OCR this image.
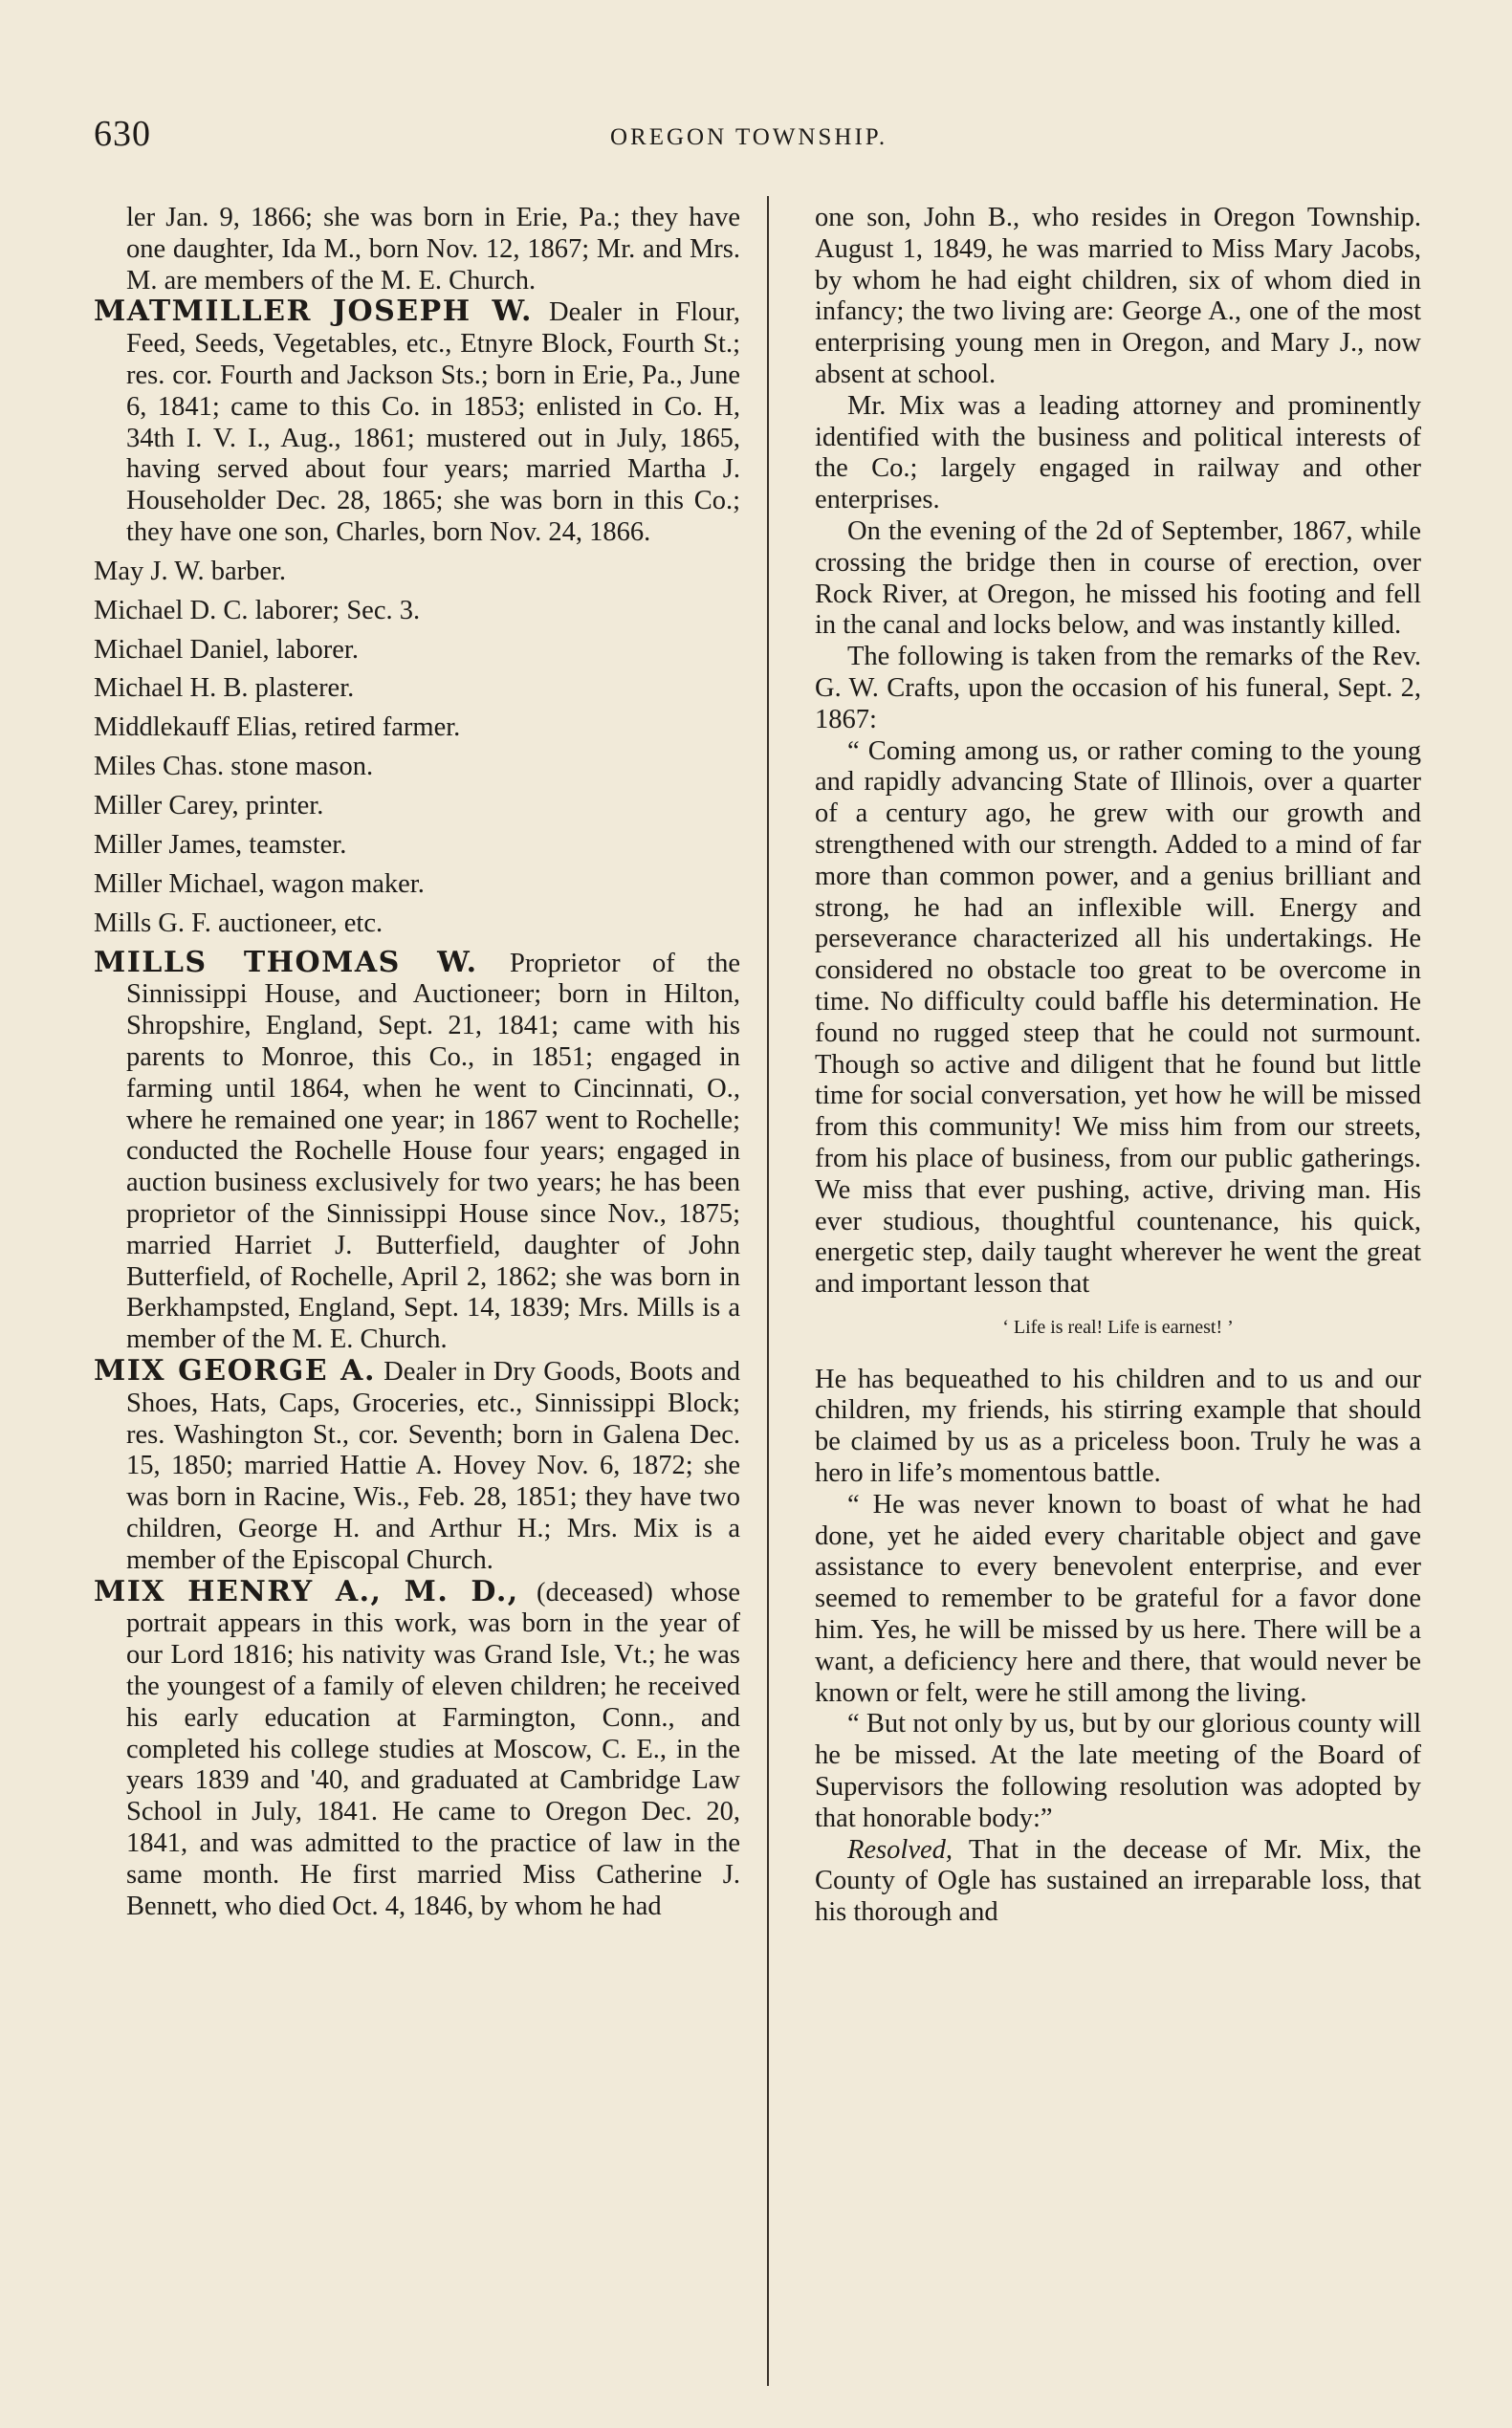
630	OREGON TOWNSHIP.

ler Jan. 9, 1866; she was born in Erie, Pa.; they have one daughter, Ida M., born Nov. 12, 1867; Mr. and Mrs. M. are members of the M. E. Church.

MATMILLER JOSEPH W. Dealer in Flour, Feed, Seeds, Vegetables, etc., Etnyre Block, Fourth St.; res. cor. Fourth and Jackson Sts.; born in Erie, Pa., June 6, 1841; came to this Co. in 1853; enlisted in Co. H, 34th I. V. I., Aug., 1861; mustered out in July, 1865, having served about four years; married Martha J. Householder Dec. 28, 1865; she was born in this Co.; they have one son, Charles, born Nov. 24, 1866.

May J. W. barber.

Michael D. C. laborer; Sec. 3.

Michael Daniel, laborer.

Michael H. B. plasterer.

Middlekauff Elias, retired farmer.

Miles Chas. stone mason.

Miller Carey, printer.

Miller James, teamster.

Miller Michael, wagon maker.

Mills G. F. auctioneer, etc.

MILLS THOMAS W. Proprietor of the Sinnissippi House, and Auctioneer; born in Hilton, Shropshire, England, Sept. 21, 1841; came with his parents to Monroe, this Co., in 1851; engaged in farming until 1864, when he went to Cincinnati, O., where he remained one year; in 1867 went to Rochelle; conducted the Rochelle House four years; engaged in auction business exclusively for two years; he has been proprietor of the Sinnissippi House since Nov., 1875; married Harriet J. Butterfield, daughter of John Butterfield, of Rochelle, April 2, 1862; she was born in Berkhampsted, England, Sept. 14, 1839; Mrs. Mills is a member of the M. E. Church.

MIX GEORGE A. Dealer in Dry Goods, Boots and Shoes, Hats, Caps, Groceries, etc., Sinnissippi Block; res. Washington St., cor. Seventh; born in Galena Dec. 15, 1850; married Hattie A. Hovey Nov. 6, 1872; she was born in Racine, Wis., Feb. 28, 1851; they have two children, George H. and Arthur H.; Mrs. Mix is a member of the Episcopal Church.

MIX HENRY A., M. D., (deceased) whose portrait appears in this work, was born in the year of our Lord 1816; his nativity was Grand Isle, Vt.; he was the youngest of a family of eleven children; he received his early education at Farmington, Conn., and completed his college studies at Moscow, C. E., in the years 1839 and '40, and graduated at Cambridge Law School in July, 1841. He came to Oregon Dec. 20, 1841, and was admitted to the practice of law in the same month. He first married Miss Catherine J. Bennett, who died Oct. 4, 1846, by whom he had

one son, John B., who resides in Oregon Township. August 1, 1849, he was married to Miss Mary Jacobs, by whom he had eight children, six of whom died in infancy; the two living are: George A., one of the most enterprising young men in Oregon, and Mary J., now absent at school.

Mr. Mix was a leading attorney and prominently identified with the business and political interests of the Co.; largely engaged in railway and other enterprises.

On the evening of the 2d of September, 1867, while crossing the bridge then in course of erection, over Rock River, at Oregon, he missed his footing and fell in the canal and locks below, and was instantly killed.

The following is taken from the remarks of the Rev. G. W. Crafts, upon the occasion of his funeral, Sept. 2, 1867:

“ Coming among us, or rather coming to the young and rapidly advancing State of Illinois, over a quarter of a century ago, he grew with our growth and strengthened with our strength. Added to a mind of far more than common power, and a genius brilliant and strong, he had an inflexible will. Energy and perseverance characterized all his undertakings. He considered no obstacle too great to be overcome in time. No difficulty could baffle his determination. He found no rugged steep that he could not surmount. Though so active and diligent that he found but little time for social conversation, yet how he will be missed from this community! We miss him from our streets, from his place of business, from our public gatherings. We miss that ever pushing, active, driving man. His ever studious, thoughtful countenance, his quick, energetic step, daily taught wherever he went the great and important lesson that

‘ Life is real! Life is earnest! ’

He has bequeathed to his children and to us and our children, my friends, his stirring example that should be claimed by us as a priceless boon. Truly he was a hero in life’s momentous battle.

“ He was never known to boast of what he had done, yet he aided every charitable object and gave assistance to every benevolent enterprise, and ever seemed to remember to be grateful for a favor done him. Yes, he will be missed by us here. There will be a want, a deficiency here and there, that would never be known or felt, were he still among the living.

“ But not only by us, but by our glorious county will he be missed. At the late meeting of the Board of Supervisors the following resolution was adopted by that honorable body:”

Resolved, That in the decease of Mr. Mix, the County of Ogle has sustained an irreparable loss, that his thorough and
